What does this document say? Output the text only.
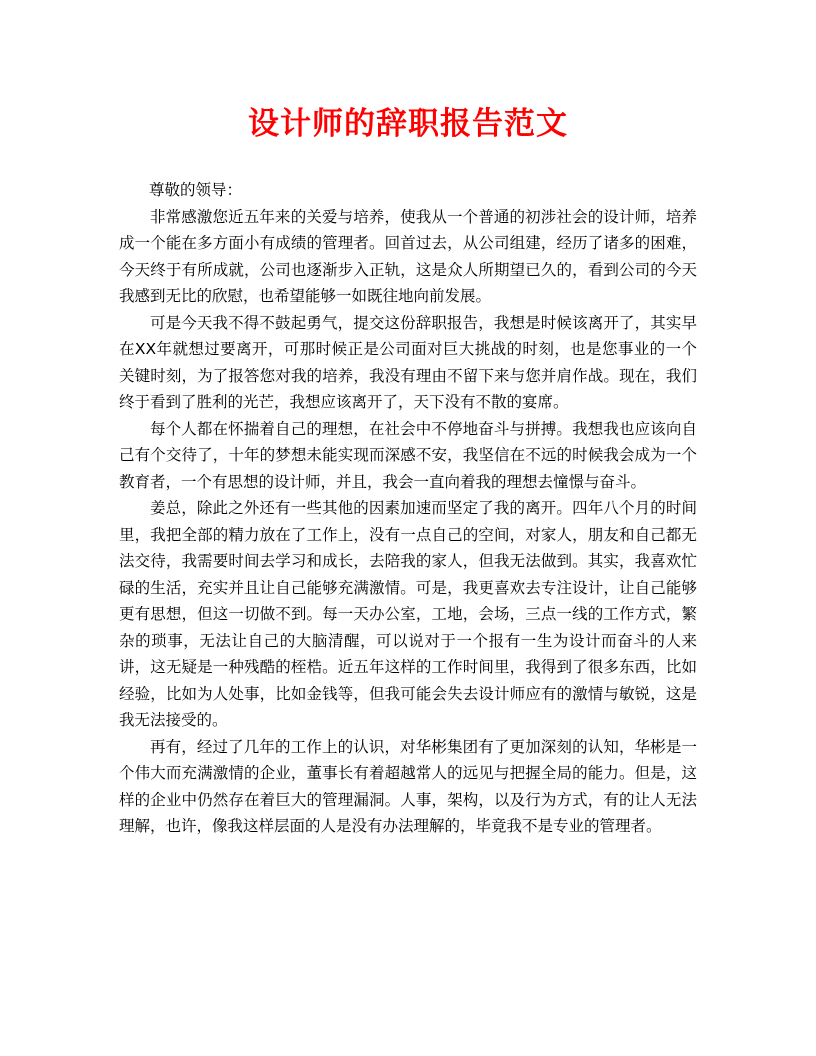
设计师的辞职报告范文

尊敬的领导：

非常感激您近五年来的关爱与培养，使我从一个普通的初涉社会的设计师，培养成一个能在多方面小有成绩的管理者。回首过去，从公司组建，经历了诸多的困难，今天终于有所成就，公司也逐渐步入正轨，这是众人所期望已久的，看到公司的今天我感到无比的欣慰，也希望能够一如既往地向前发展。

可是今天我不得不鼓起勇气，提交这份辞职报告，我想是时候该离开了，其实早在XX年就想过要离开，可那时候正是公司面对巨大挑战的时刻，也是您事业的一个关键时刻，为了报答您对我的培养，我没有理由不留下来与您并肩作战。现在，我们终于看到了胜利的光芒，我想应该离开了，天下没有不散的宴席。

每个人都在怀揣着自己的理想，在社会中不停地奋斗与拼搏。我想我也应该向自己有个交待了，十年的梦想未能实现而深感不安，我坚信在不远的时候我会成为一个教育者，一个有思想的设计师，并且，我会一直向着我的理想去憧憬与奋斗。

姜总，除此之外还有一些其他的因素加速而坚定了我的离开。四年八个月的时间里，我把全部的精力放在了工作上，没有一点自己的空间，对家人，朋友和自己都无法交待，我需要时间去学习和成长，去陪我的家人，但我无法做到。其实，我喜欢忙碌的生活，充实并且让自己能够充满激情。可是，我更喜欢去专注设计，让自己能够更有思想，但这一切做不到。每一天办公室，工地，会场，三点一线的工作方式，繁杂的琐事，无法让自己的大脑清醒，可以说对于一个报有一生为设计而奋斗的人来讲，这无疑是一种残酷的桎梏。近五年这样的工作时间里，我得到了很多东西，比如经验，比如为人处事，比如金钱等，但我可能会失去设计师应有的激情与敏锐，这是我无法接受的。

再有，经过了几年的工作上的认识，对华彬集团有了更加深刻的认知，华彬是一个伟大而充满激情的企业，董事长有着超越常人的远见与把握全局的能力。但是，这样的企业中仍然存在着巨大的管理漏洞。人事，架构，以及行为方式，有的让人无法理解，也许，像我这样层面的人是没有办法理解的，毕竟我不是专业的管理者。
